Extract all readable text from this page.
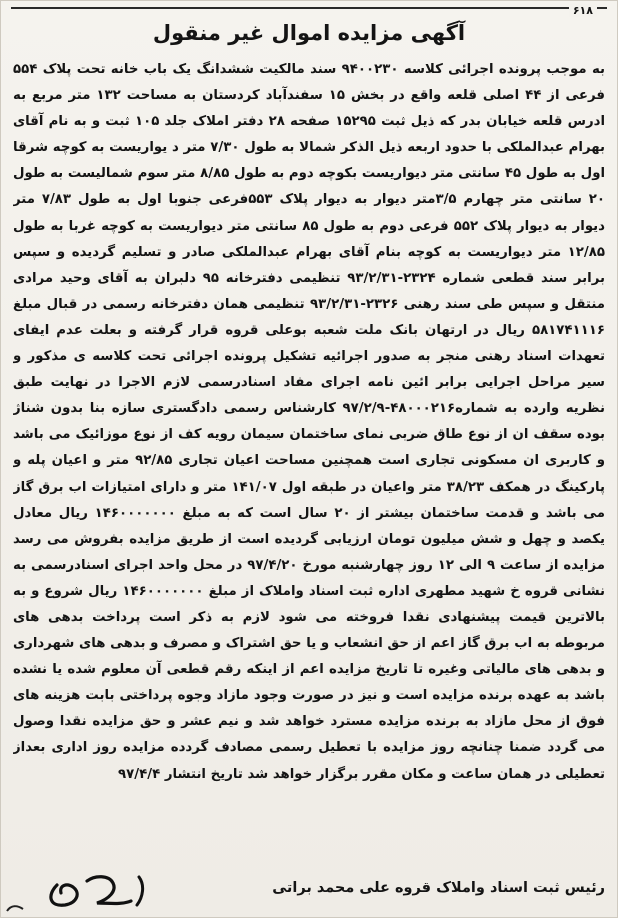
۶۱۸
آگهی مزایده اموال غیر منقول
به موجب پرونده اجرائی کلاسه ۹۴۰۰۲۳۰ سند مالکیت ششدانگ یک باب خانه تحت پلاک ۵۵۴ فرعی از ۴۴ اصلی قلعه واقع در بخش ۱۵ سفندآباد کردستان به مساحت ۱۳۲ متر مربع به ادرس قلعه خیابان بدر که ذیل ثبت ۱۵۲۹۵ صفحه ۲۸ دفتر املاک جلد ۱۰۵ ثبت و به نام آقای بهرام عبدالملکی با حدود اربعه ذیل الذکر شمالا به طول ۷/۳۰ متر د یواریست به کوچه شرقا اول به طول ۴۵ سانتی متر دیواریست بکوچه دوم به طول ۸/۸۵ متر سوم شمالیست به طول ۲۰ سانتی متر چهارم ۳/۵متر دیوار به دیوار پلاک ۵۵۳فرعی جنوبا اول به طول ۷/۸۳ متر دیوار به دیوار پلاک ۵۵۲ فرعی دوم به طول ۸۵ سانتی متر دیواریست به کوچه غربا به طول ۱۲/۸۵ متر دیواریست به کوچه بنام آقای بهرام عبدالملکی صادر و تسلیم گردیده و سپس برابر سند قطعی شماره ۲۳۲۴-۹۳/۲/۳۱ تنظیمی دفترخانه ۹۵ دلبران به آقای وحید مرادی منتقل و سپس طی سند رهنی ۲۳۲۶-۹۳/۲/۳۱ تنظیمی همان دفترخانه رسمی در قبال مبلغ ۵۸۱۷۴۱۱۱۶ ریال در ارتهان بانک ملت شعبه بوعلی قروه قرار گرفته و بعلت عدم ایفای تعهدات اسناد رهنی منجر به صدور اجرائیه تشکیل پرونده اجرائی تحت کلاسه ی مذکور و سیر مراحل اجرایی برابر ائین نامه اجرای مفاد اسنادرسمی لازم الاجرا در نهایت طبق نظریه وارده به شماره۴۸۰۰۰۲۱۶-۹۷/۲/۹ کارشناس رسمی دادگستری سازه بنا بدون شناژ بوده سقف ان از نوع طاق ضربی نمای ساختمان سیمان رویه کف از نوع موزائیک می باشد و کاربری ان مسکونی تجاری است همچنین مساحت اعیان تجاری ۹۲/۸۵ متر و اعیان پله و پارکینگ در همکف ۳۸/۲۳ متر واعیان در طبقه اول ۱۴۱/۰۷ متر و دارای امتیازات اب برق گاز می باشد و قدمت ساختمان بیشتر از ۲۰ سال است که به مبلغ ۱۴۶۰۰۰۰۰۰۰ ریال معادل یکصد و چهل و شش میلیون تومان ارزیابی گردیده است از طریق مزایده بفروش می رسد مزایده از ساعت ۹ الی ۱۲ روز چهارشنبه مورخ ۹۷/۴/۲۰ در محل واحد اجرای اسنادرسمی به نشانی قروه خ شهید مطهری اداره ثبت اسناد واملاک از مبلغ ۱۴۶۰۰۰۰۰۰۰ ریال شروع و به بالاترین قیمت پیشنهادی نقدا فروخته می شود لازم به ذکر است پرداخت بدهی های مربوطه به اب برق گاز اعم از حق انشعاب و یا حق اشتراک و مصرف و بدهی های شهرداری و بدهی های مالیاتی وغیره تا تاریخ مزایده اعم از اینکه رقم قطعی آن معلوم شده یا نشده باشد به عهده برنده مزایده است و نیز در صورت وجود مازاد وجوه پرداختی بابت هزینه های فوق از محل مازاد به برنده مزایده مسترد خواهد شد و نیم عشر و حق مزایده نقدا وصول می گردد ضمنا چنانچه روز مزایده با تعطیل رسمی مصادف گردده مزایده روز اداری بعداز تعطیلی در همان ساعت و مکان مقرر برگزار خواهد شد تاریخ انتشار ۹۷/۴/۴
رئیس ثبت اسناد واملاک قروه علی محمد براتی
